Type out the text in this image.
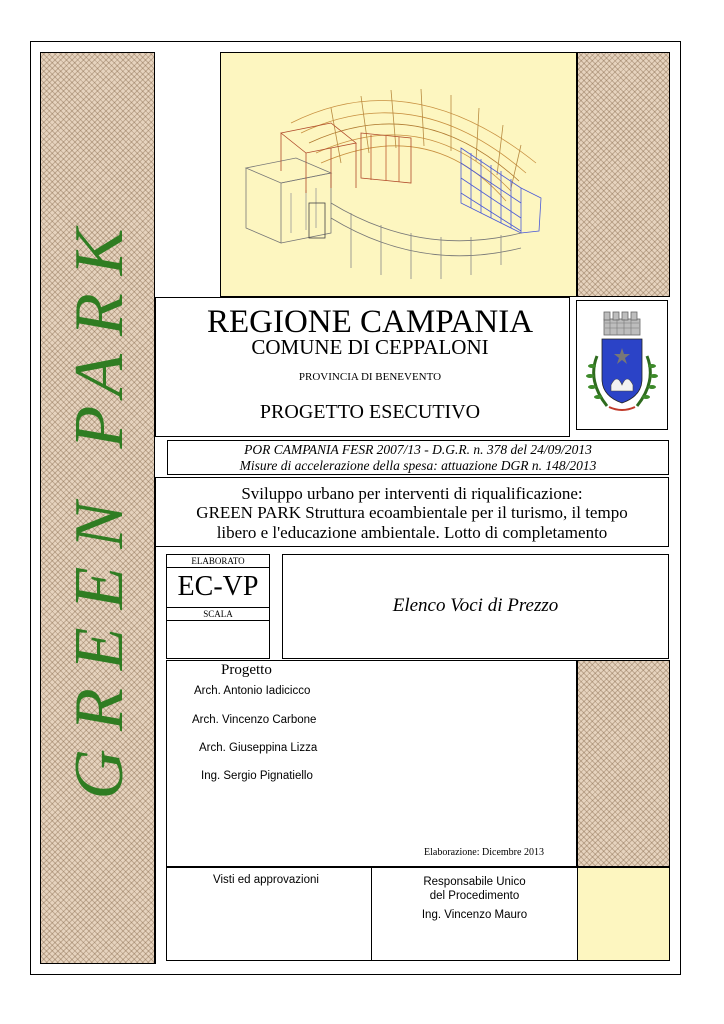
GREEN PARK	REGIONE CAMPANIA
COMUNE DI CEPPALONI
PROVINCIA DI BENEVENTO
PROGETTO ESECUTIVO
POR CAMPANIA FESR 2007/13 - D.G.R. n. 378 del 24/09/2013
Misure di accelerazione della spesa: attuazione DGR n. 148/2013
Sviluppo urbano per interventi di riqualificazione:
GREEN PARK Struttura ecoambientale per il turismo, il tempo
libero e l'educazione ambientale. Lotto di completamento
ELABORATO
EC-VP
SCALA	Elenco Voci di Prezzo
Progetto
Arch. Antonio Iadicicco
Arch. Vincenzo Carbone
Arch. Giuseppina Lizza
Ing. Sergio Pignatiello
Elaborazione: Dicembre 2013
Visti ed approvazioni	Responsabile Unico
del Procedimento
Ing. Vincenzo Mauro
